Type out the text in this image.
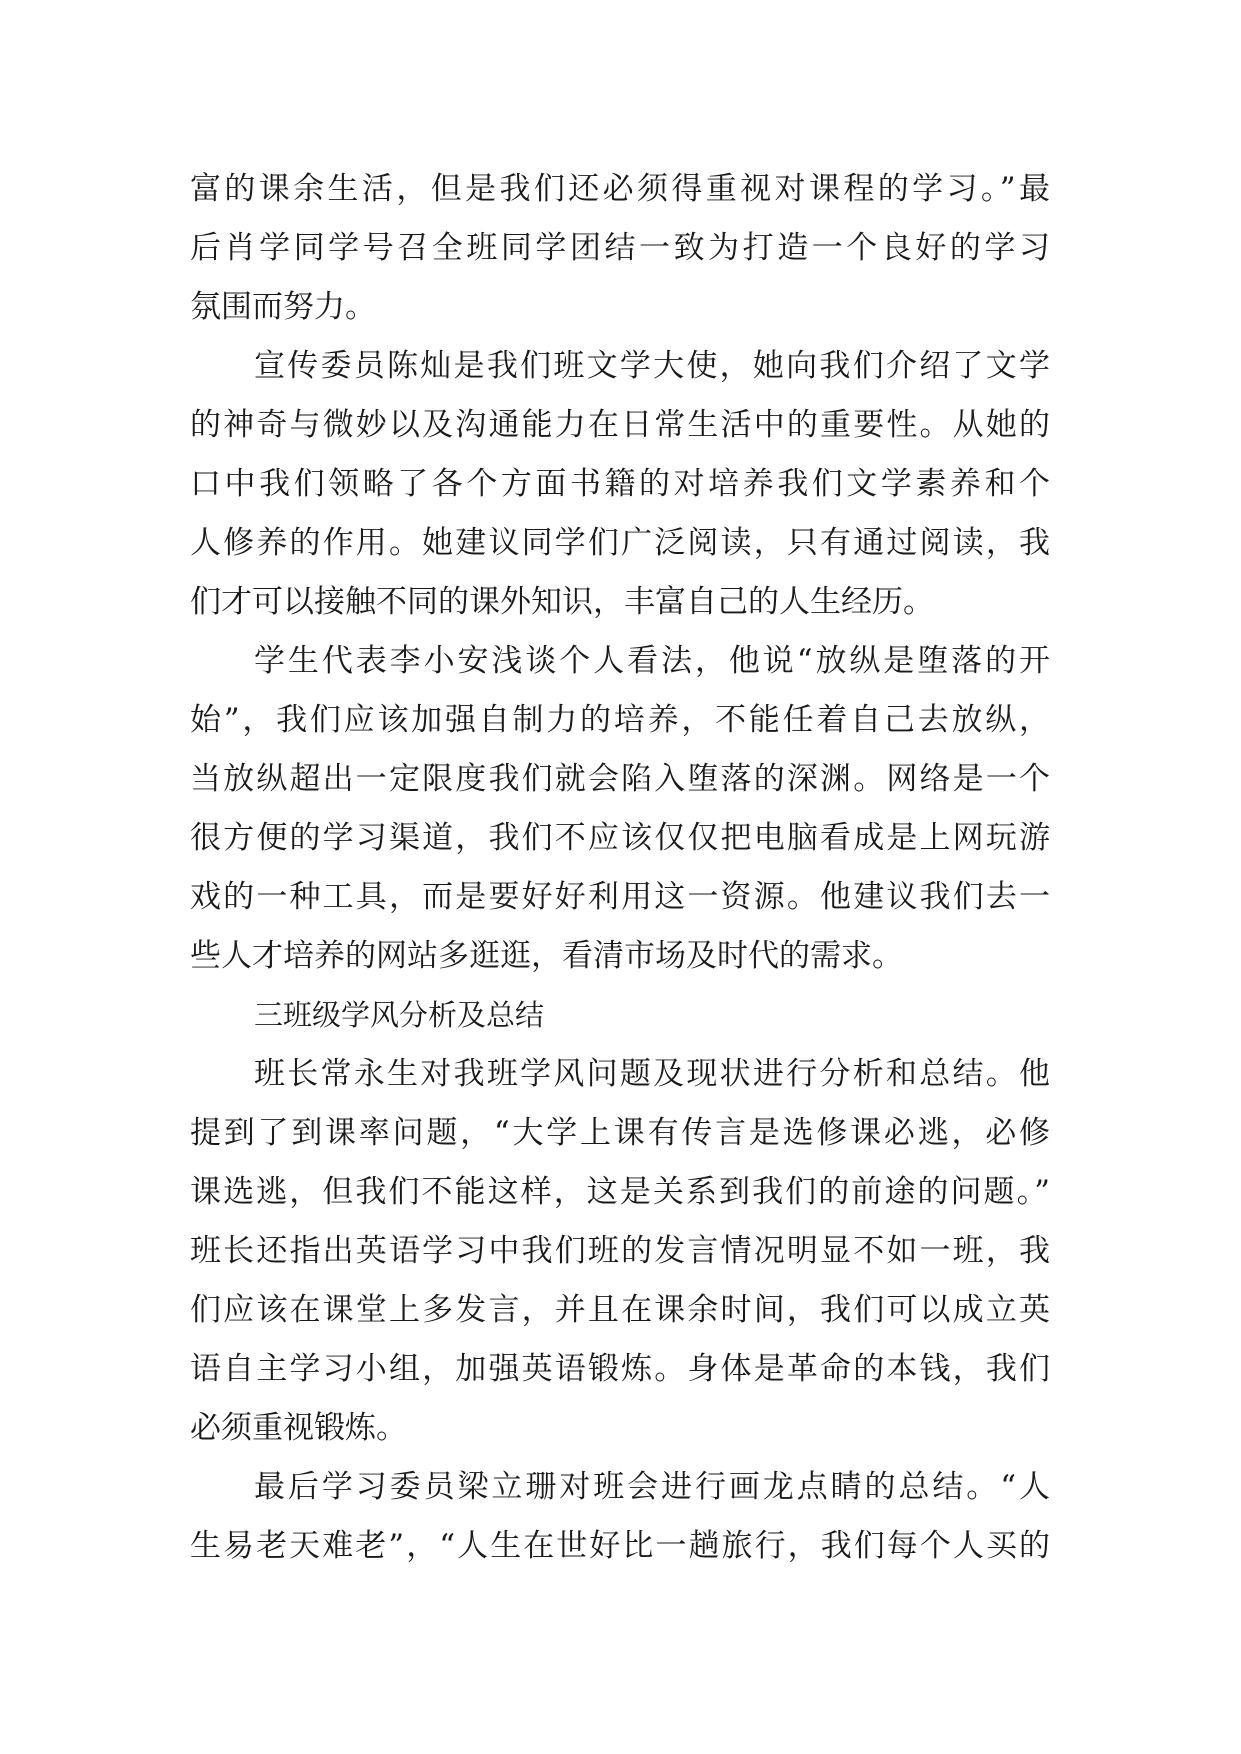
富的课余生活，但是我们还必须得重视对课程的学习。”最
后肖学同学号召全班同学团结一致为打造一个良好的学习
氛围而努力。
宣传委员陈灿是我们班文学大使，她向我们介绍了文学
的神奇与微妙以及沟通能力在日常生活中的重要性。从她的
口中我们领略了各个方面书籍的对培养我们文学素养和个
人修养的作用。她建议同学们广泛阅读，只有通过阅读，我
们才可以接触不同的课外知识，丰富自己的人生经历。
学生代表李小安浅谈个人看法，他说“放纵是堕落的开
始”，我们应该加强自制力的培养，不能任着自己去放纵，
当放纵超出一定限度我们就会陷入堕落的深渊。网络是一个
很方便的学习渠道，我们不应该仅仅把电脑看成是上网玩游
戏的一种工具，而是要好好利用这一资源。他建议我们去一
些人才培养的网站多逛逛，看清市场及时代的需求。
三班级学风分析及总结
班长常永生对我班学风问题及现状进行分析和总结。他
提到了到课率问题，“大学上课有传言是选修课必逃，必修
课选逃，但我们不能这样，这是关系到我们的前途的问题。”
班长还指出英语学习中我们班的发言情况明显不如一班，我
们应该在课堂上多发言，并且在课余时间，我们可以成立英
语自主学习小组，加强英语锻炼。身体是革命的本钱，我们
必须重视锻炼。
最后学习委员梁立珊对班会进行画龙点睛的总结。“人
生易老天难老”，“人生在世好比一趟旅行，我们每个人买的
